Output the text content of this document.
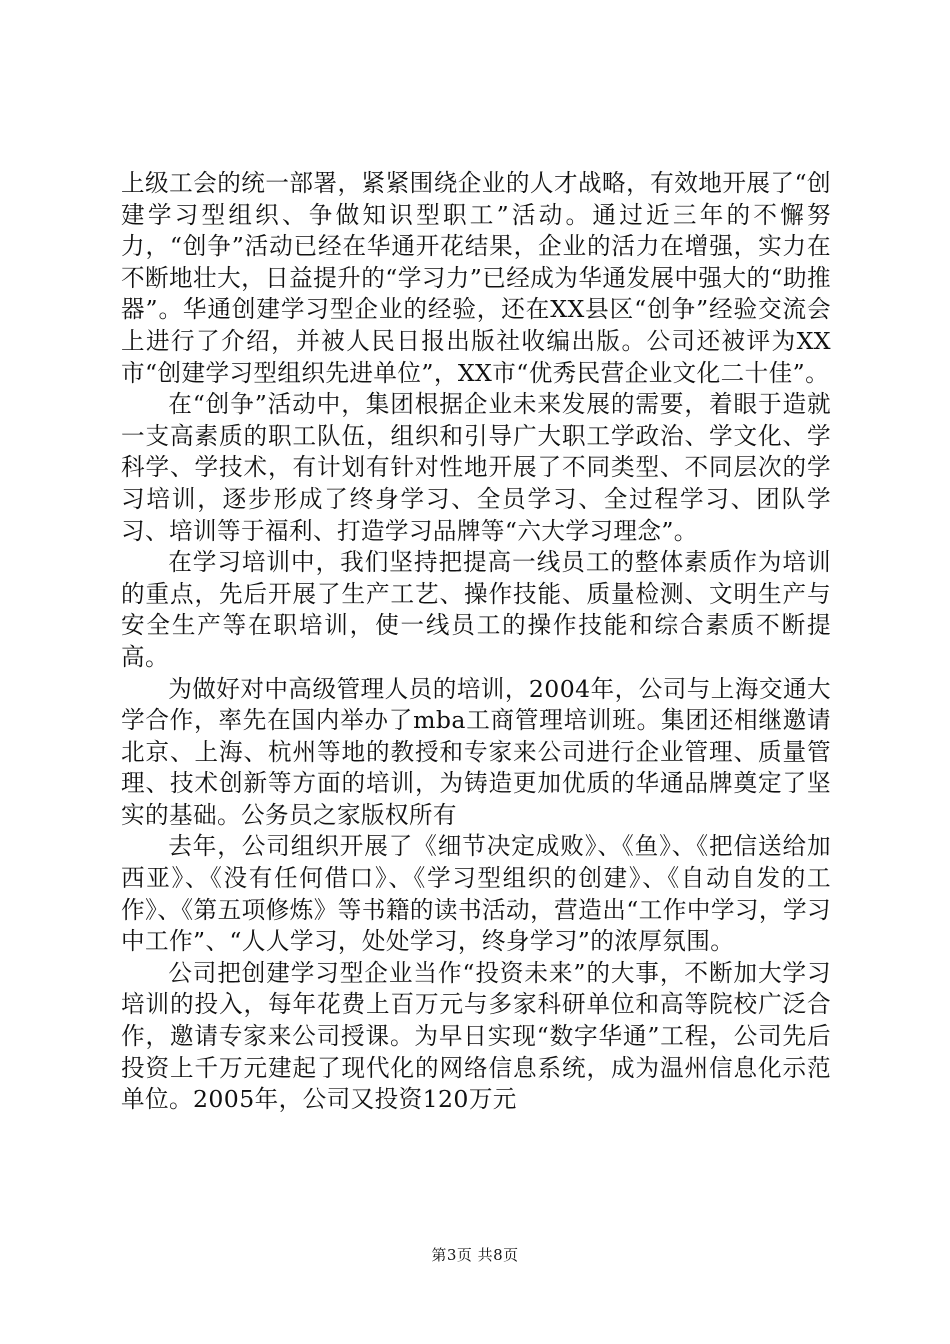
上级工会的统一部署，紧紧围绕企业的人才战略，有效地开展了“创建学习型组织、争做知识型职工”活动。通过近三年的不懈努力，“创争”活动已经在华通开花结果，企业的活力在增强，实力在不断地壮大，日益提升的“学习力”已经成为华通发展中强大的“助推器”。华通创建学习型企业的经验，还在XX县区“创争”经验交流会上进行了介绍，并被人民日报出版社收编出版。公司还被评为XX市“创建学习型组织先进单位”，XX市“优秀民营企业文化二十佳”。

在“创争”活动中，集团根据企业未来发展的需要，着眼于造就一支高素质的职工队伍，组织和引导广大职工学政治、学文化、学科学、学技术，有计划有针对性地开展了不同类型、不同层次的学习培训，逐步形成了终身学习、全员学习、全过程学习、团队学习、培训等于福利、打造学习品牌等“六大学习理念”。

在学习培训中，我们坚持把提高一线员工的整体素质作为培训的重点，先后开展了生产工艺、操作技能、质量检测、文明生产与安全生产等在职培训，使一线员工的操作技能和综合素质不断提高。

为做好对中高级管理人员的培训，2004年，公司与上海交通大学合作，率先在国内举办了mba工商管理培训班。集团还相继邀请北京、上海、杭州等地的教授和专家来公司进行企业管理、质量管理、技术创新等方面的培训，为铸造更加优质的华通品牌奠定了坚实的基础。公务员之家版权所有

去年，公司组织开展了《细节决定成败》、《鱼》、《把信送给加西亚》、《没有任何借口》、《学习型组织的创建》、《自动自发的工作》、《第五项修炼》等书籍的读书活动，营造出“工作中学习，学习中工作”、“人人学习，处处学习，终身学习”的浓厚氛围。

公司把创建学习型企业当作“投资未来”的大事，不断加大学习培训的投入，每年花费上百万元与多家科研单位和高等院校广泛合作，邀请专家来公司授课。为早日实现“数字华通”工程，公司先后投资上千万元建起了现代化的网络信息系统，成为温州信息化示范单位。2005年，公司又投资120万元

第3页 共8页
